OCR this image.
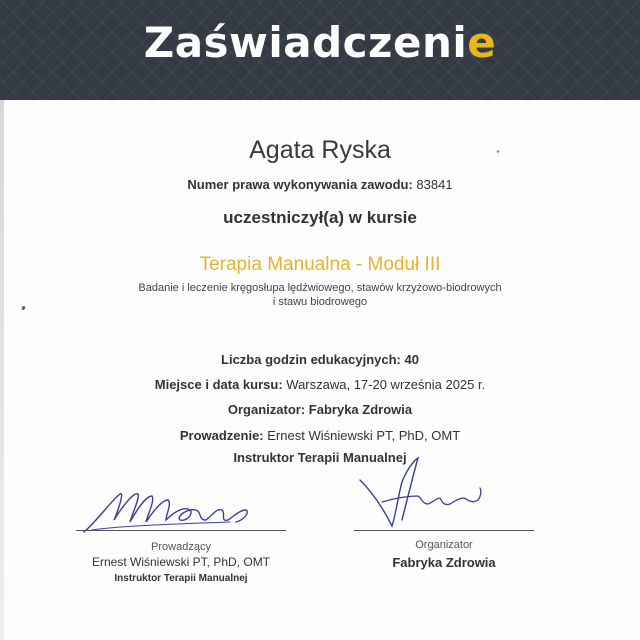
Zaświadczenie
Agata Ryska
Numer prawa wykonywania zawodu: 83841
uczestniczył(a) w kursie
Terapia Manualna - Moduł III
Badanie i leczenie kręgosłupa lędźwiowego, stawów krzyżowo-biodrowych
i stawu biodrowego
Liczba godzin edukacyjnych: 40
Miejsce i data kursu: Warszawa, 17-20 września 2025 r.
Organizator: Fabryka Zdrowia
Prowadzenie: Ernest Wiśniewski PT, PhD, OMT
Instruktor Terapii Manualnej
Prowadzący
Ernest Wiśniewski PT, PhD, OMT
Instruktor Terapii Manualnej
Organizator
Fabryka Zdrowia
